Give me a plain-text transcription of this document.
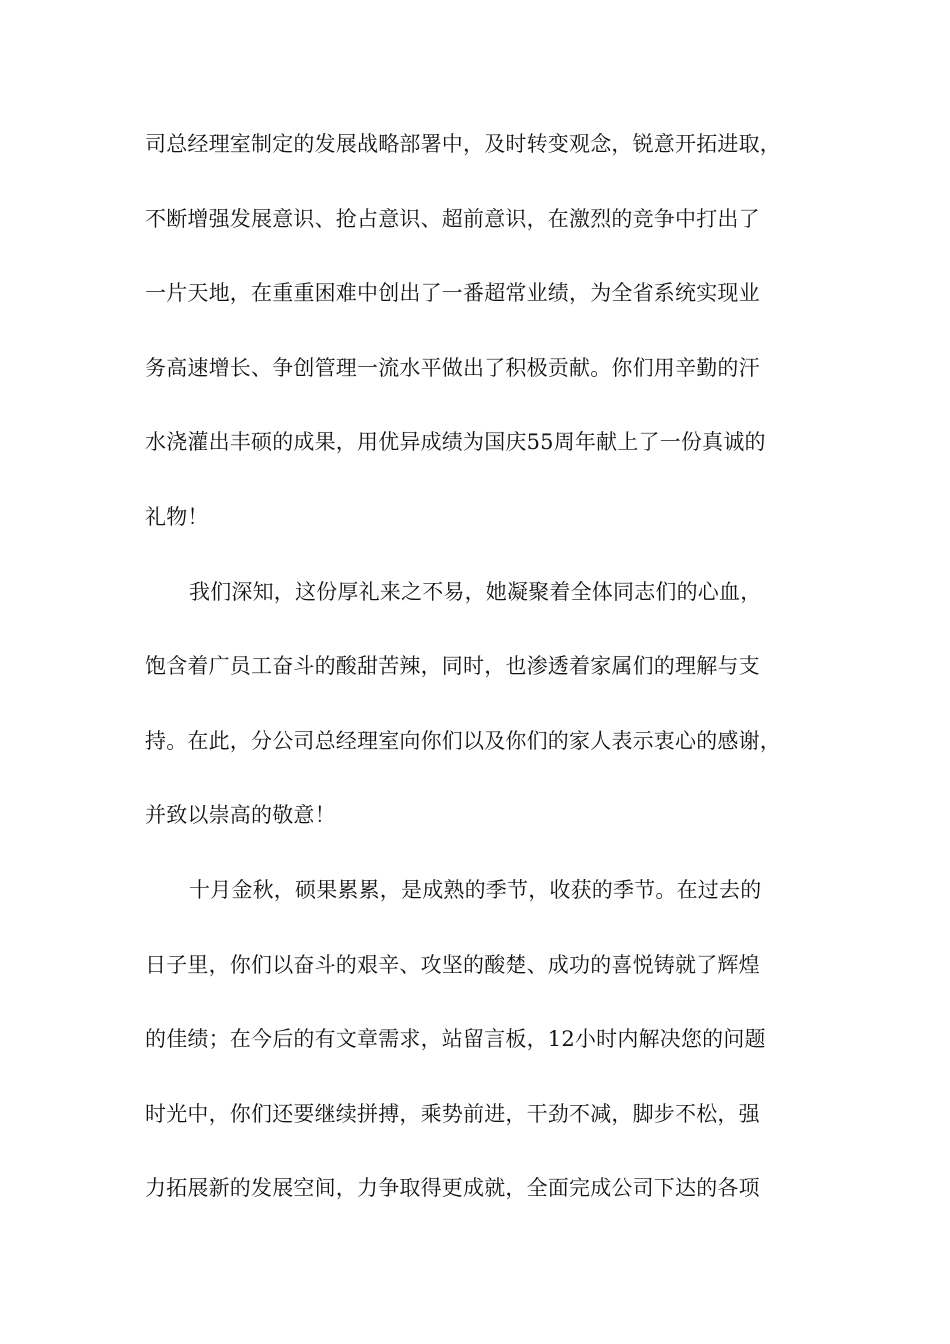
司总经理室制定的发展战略部署中，及时转变观念，锐意开拓进取，
不断增强发展意识、抢占意识、超前意识，在激烈的竞争中打出了
一片天地，在重重困难中创出了一番超常业绩，为全省系统实现业
务高速增长、争创管理一流水平做出了积极贡献。你们用辛勤的汗
水浇灌出丰硕的成果，用优异成绩为国庆55周年献上了一份真诚的
礼物！
我们深知，这份厚礼来之不易，她凝聚着全体同志们的心血，
饱含着广员工奋斗的酸甜苦辣，同时，也渗透着家属们的理解与支
持。在此，分公司总经理室向你们以及你们的家人表示衷心的感谢，
并致以崇高的敬意！
十月金秋，硕果累累，是成熟的季节，收获的季节。在过去的
日子里，你们以奋斗的艰辛、攻坚的酸楚、成功的喜悦铸就了辉煌
的佳绩；在今后的有文章需求，站留言板，12小时内解决您的问题
时光中，你们还要继续拼搏，乘势前进，干劲不减，脚步不松，强
力拓展新的发展空间，力争取得更成就，全面完成公司下达的各项
